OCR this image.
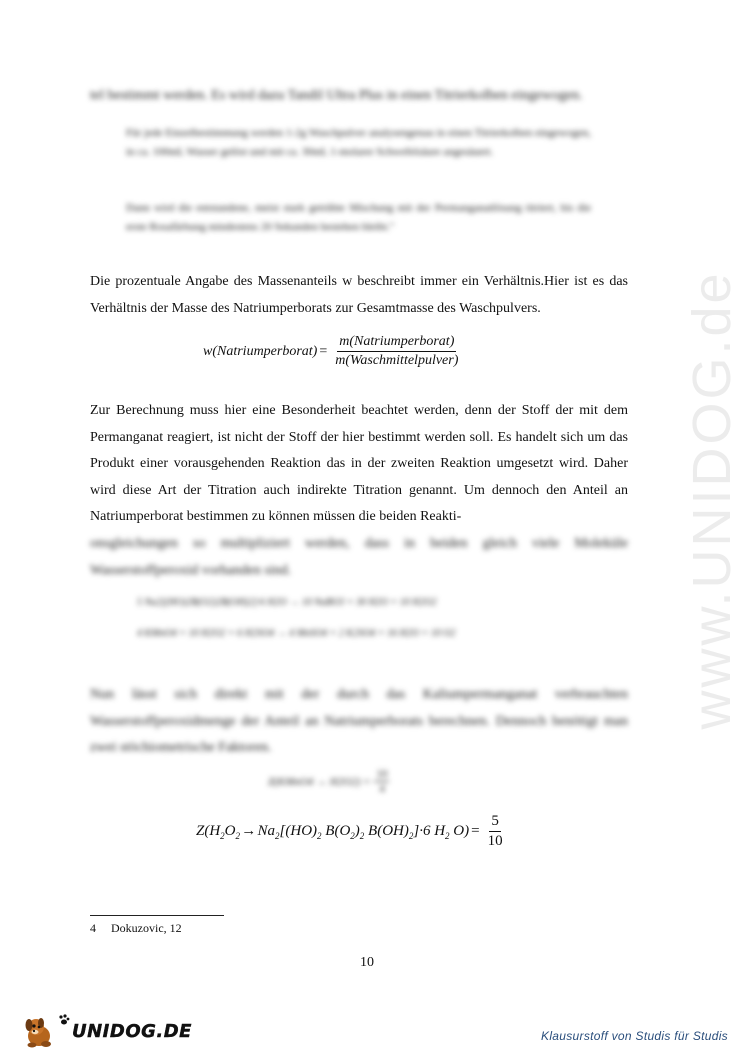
www.UNIDOG.de
tel bestimmt werden. Es wird dazu Tandil Ultra Plus in einen Titrierkolben eingewogen.
Für jede Einzelbestimmung werden 1-2g Waschpulver analysengenau in einen Titrierkolben eingewogen, in ca. 100mL Wasser gelöst und mit ca. 30mL 1-molarer Schwefelsäure angesäuert.
Dann wird die entstandene, meist stark getrübte Mischung mit der Permanganatlösung titriert, bis die erste Rosafärbung mindestens 20 Sekunden bestehen bleibt."
Die prozentuale Angabe des Massenanteils w beschreibt immer ein Verhältnis.Hier ist es das Verhältnis der Masse des Natriumperborats zur Gesamtmasse des Waschpulvers.
w(Natriumperborat) = $\frac{\text{m(Natriumperborat)}}{\text{m(Waschmittelpulver)}}$
Zur Berechnung muss hier eine Besonderheit beachtet werden, denn der Stoff der mit dem Permanganat reagiert, ist nicht der Stoff der hier bestimmt werden soll. Es handelt sich um das Produkt einer vorausgehenden Reaktion das in der zweiten Reaktion umgesetzt wird. Daher wird diese Art der Titration auch indirekte Titration genannt. Um dennoch den Anteil an Natriumperborat bestimmen zu können müssen die beiden Reakti-
onsgleichungen so multipliziert werden, dass in beiden gleich viele Moleküle Wasserstoffperoxid vorhanden sind.
5 Na2[(HO)2B(O2)2B(OH)2]·6 H2O → 10 NaBO3 + 30 H2O + 10 H2O2
4 KMnO4 + 10 H2O2 + 6 H2SO4 → 4 MnSO4 + 2 K2SO4 + 16 H2O + 10 O2
Nun lässt sich direkt mit der durch das Kaliumpermanganat verbrauchten Wasserstoffperoxidmenge der Anteil an Natriumperborats berechnen. Dennoch benötigt man zwei stöchiometrische Faktoren.
Z(KMnO4 → $H2O2) = \frac{10}{4}$
$Z(H_2O_2$ → $Na_2[(HO)_2$ $B(O_2)_2$ $B(OH)_2]\cdot 6$ $H_2$ $O) = \frac{5}{10}$
4 Dokuzovic, 12
10
UNIDOG.DE	Klausurstoff von Studis für Studis
